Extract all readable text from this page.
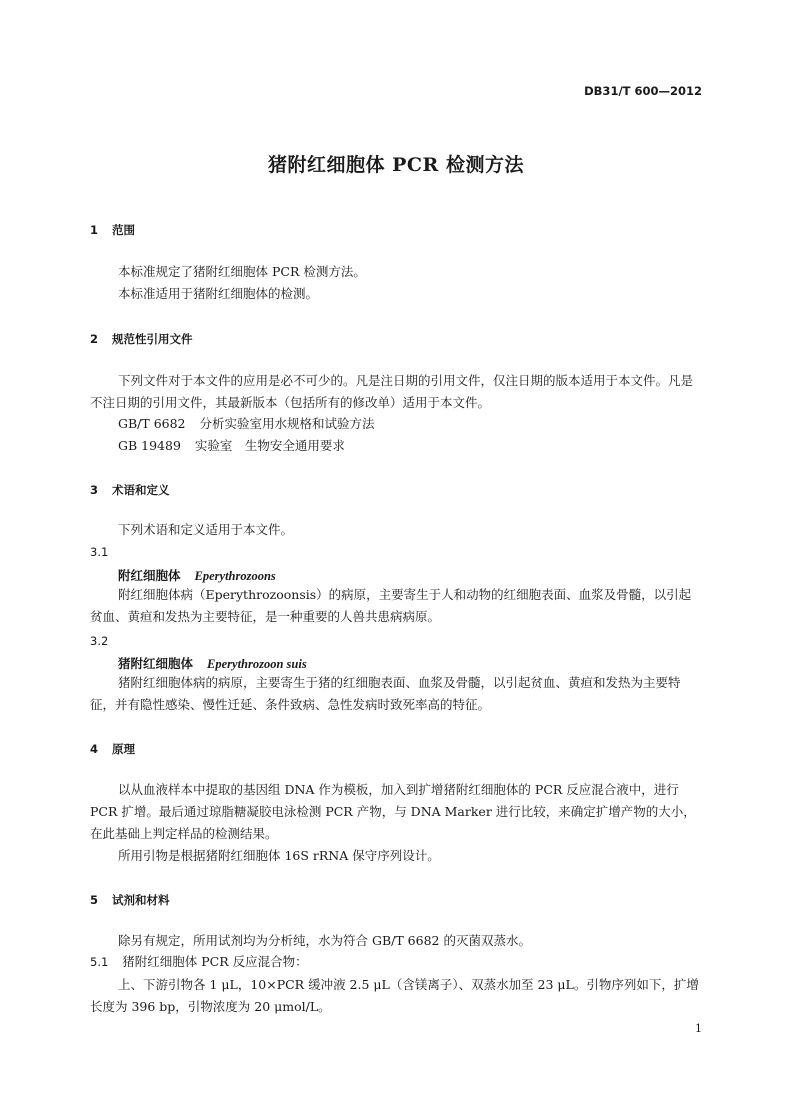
DB31/T 600—2012
猪附红细胞体 PCR 检测方法
1 范围
本标准规定了猪附红细胞体 PCR 检测方法。
本标准适用于猪附红细胞体的检测。
2 规范性引用文件
下列文件对于本文件的应用是必不可少的。凡是注日期的引用文件，仅注日期的版本适用于本文件。凡是不注日期的引用文件，其最新版本（包括所有的修改单）适用于本文件。
GB/T 6682 分析实验室用水规格和试验方法
GB 19489 实验室　生物安全通用要求
3 术语和定义
下列术语和定义适用于本文件。
3.1
附红细胞体 Eperythrozoons
附红细胞体病（Eperythrozoonsis）的病原，主要寄生于人和动物的红细胞表面、血浆及骨髓，以引起贫血、黄疸和发热为主要特征，是一种重要的人兽共患病病原。
3.2
猪附红细胞体 Eperythrozoon suis
猪附红细胞体病的病原，主要寄生于猪的红细胞表面、血浆及骨髓，以引起贫血、黄疸和发热为主要特征，并有隐性感染、慢性迁延、条件致病、急性发病时致死率高的特征。
4 原理
以从血液样本中提取的基因组 DNA 作为模板，加入到扩增猪附红细胞体的 PCR 反应混合液中，进行 PCR 扩增。最后通过琼脂糖凝胶电泳检测 PCR 产物，与 DNA Marker 进行比较，来确定扩增产物的大小，在此基础上判定样品的检测结果。
所用引物是根据猪附红细胞体 16S rRNA 保守序列设计。
5 试剂和材料
除另有规定，所用试剂均为分析纯，水为符合 GB/T 6682 的灭菌双蒸水。
5.1 猪附红细胞体 PCR 反应混合物：
上、下游引物各 1 μL，10×PCR 缓冲液 2.5 μL（含镁离子）、双蒸水加至 23 μL。引物序列如下，扩增长度为 396 bp，引物浓度为 20 μmol/L。
1
